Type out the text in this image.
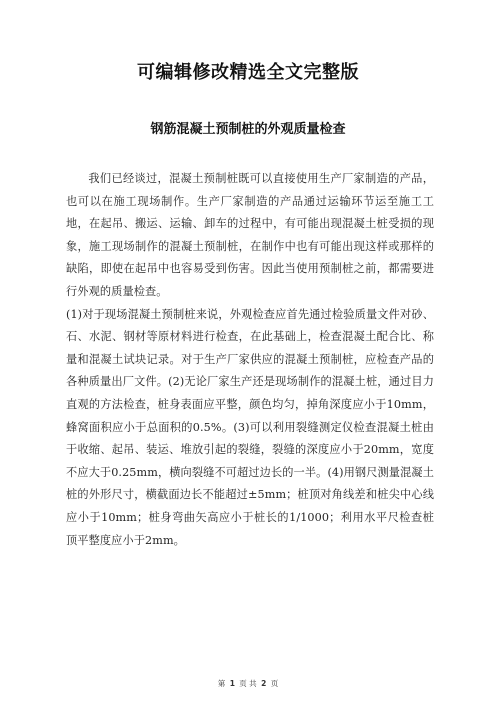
可编辑修改精选全文完整版
钢筋混凝土预制桩的外观质量检查

我们已经谈过，混凝土预制桩既可以直接使用生产厂家制造的产品，也可以在施工现场制作。生产厂家制造的产品通过运输环节运至施工工地，在起吊、搬运、运输、卸车的过程中，有可能出现混凝土桩受损的现象，施工现场制作的混凝土预制桩，在制作中也有可能出现这样或那样的缺陷，即使在起吊中也容易受到伤害。因此当使用预制桩之前，都需要进行外观的质量检查。

(1)对于现场混凝土预制桩来说，外观检查应首先通过检验质量文件对砂、石、水泥、钢材等原材料进行检查，在此基础上，检查混凝土配合比、称量和混凝土试块记录。对于生产厂家供应的混凝土预制桩，应检查产品的各种质量出厂文件。(2)无论厂家生产还是现场制作的混凝土桩，通过目力直观的方法检查，桩身表面应平整，颜色均匀，掉角深度应小于10mm，蜂窝面积应小于总面积的0.5%。(3)可以利用裂缝测定仪检查混凝土桩由于收缩、起吊、装运、堆放引起的裂缝，裂缝的深度应小于20mm，宽度不应大于0.25mm，横向裂缝不可超过边长的一半。(4)用钢尺测量混凝土桩的外形尺寸，横截面边长不能超过±5mm；桩顶对角线差和桩尖中心线应小于10mm；桩身弯曲矢高应小于桩长的1/1000；利用水平尺检查桩顶平整度应小于2mm。

第 1 页 共 2 页
